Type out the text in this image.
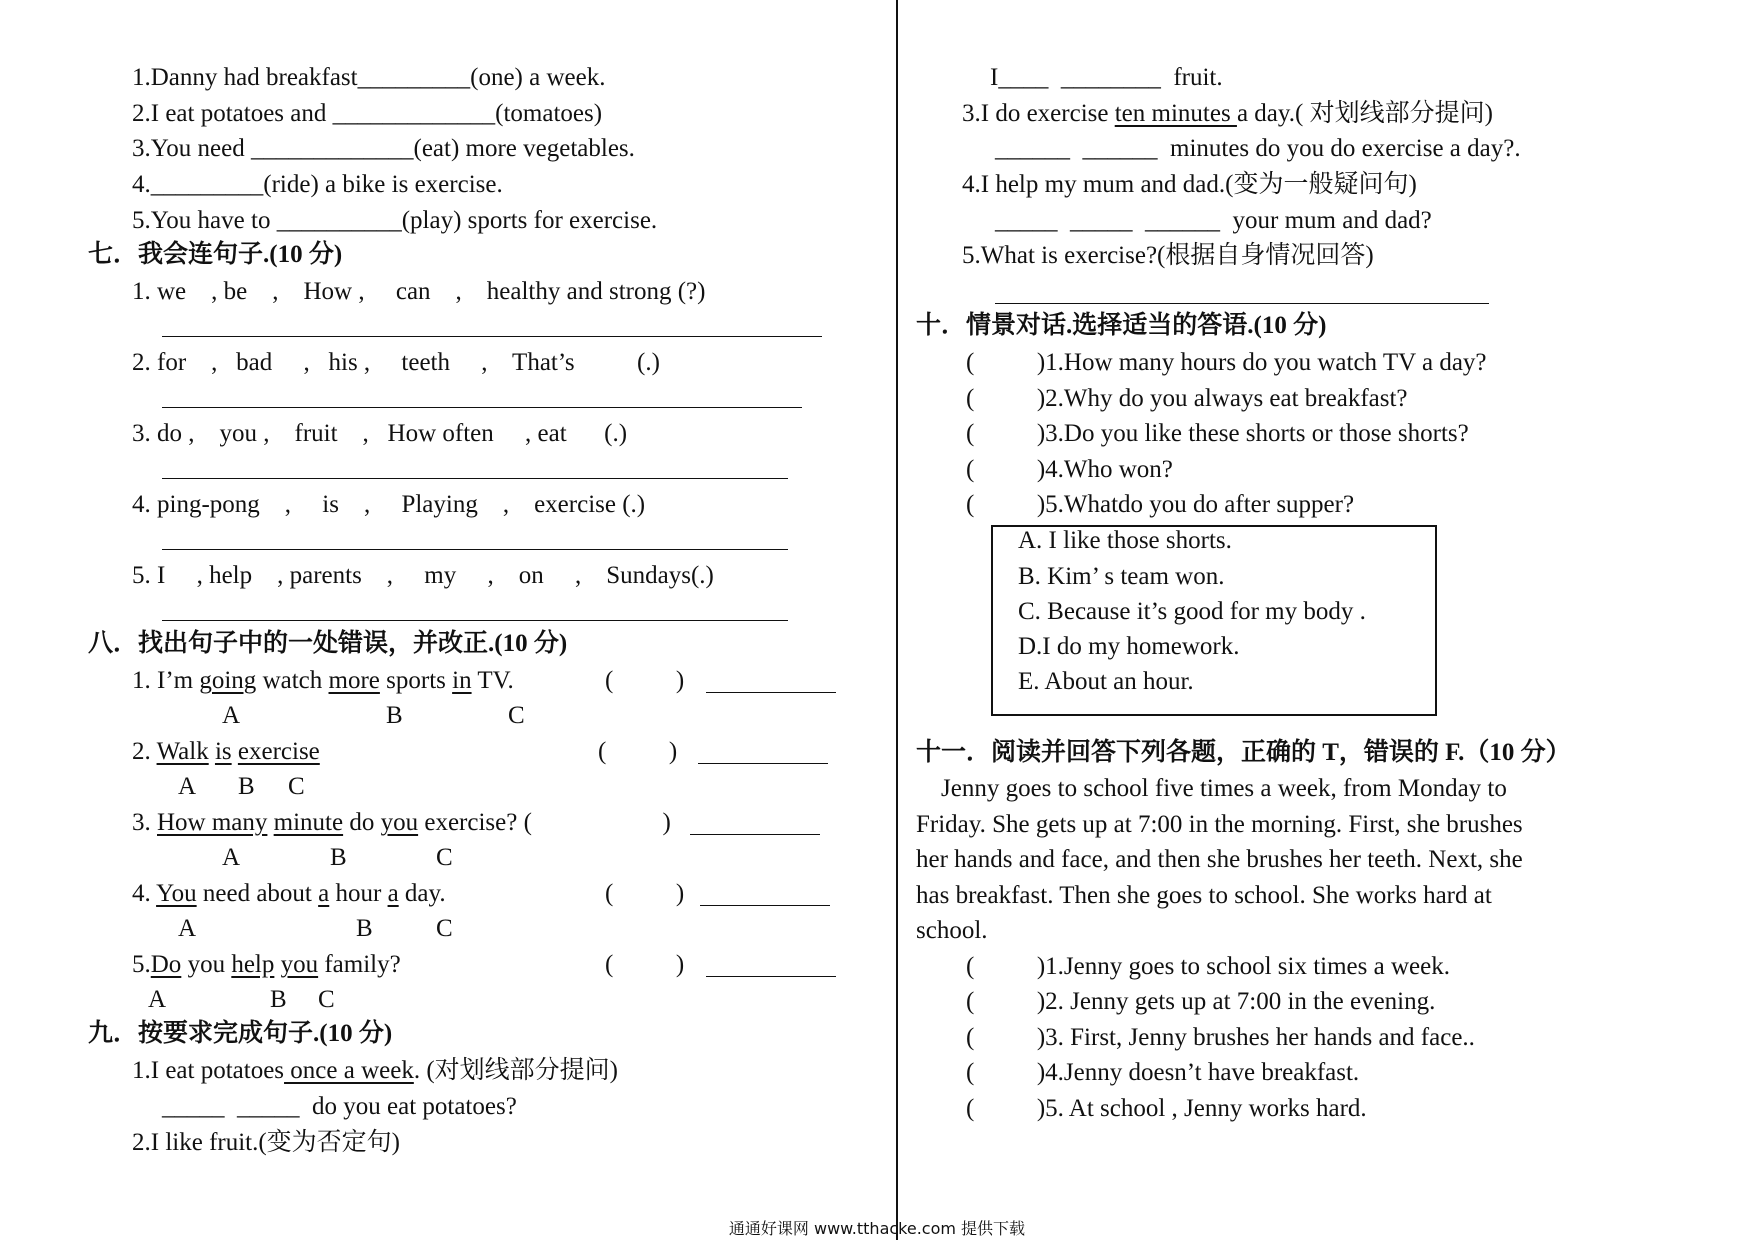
1.Danny had breakfast_________(one) a week.
2.I eat potatoes and _____________(tomatoes)
3.You need _____________(eat) more vegetables.
4._________(ride) a bike is exercise.
5.You have to __________(play) sports for exercise.
七．我会连句子.(10 分)
1. we    , be    ,    How ,     can    ,    healthy and strong (?)
2. for    ,   bad     ,   his ,     teeth     ,    That’s          (.)
3. do ,    you ,    fruit    ,   How often     , eat      (.)
4. ping-pong    ,     is    ,     Playing    ,    exercise (.)
5. I     , help    , parents    ,     my     ,    on     ,    Sundays(.)
八．找出句子中的一处错误，并改正.(10 分)
1. I’m going watch more sports in TV.	(          )
A	B	C
2. Walk is exercise	(          )
A B C
3. How many minute do you exercise? (	)
A	B	C
4. You need about a hour a day.	(          )
A	B	C
5.Do you help you family?	(          )
A	B C
九．按要求完成句子.(10 分)
1.I eat potatoes once a week. (对划线部分提问)
_____  _____  do you eat potatoes?
2.I like fruit.(变为否定句)
I____  ________  fruit.
3.I do exercise ten minutes a day.( 对划线部分提问)
______  ______  minutes do you do exercise a day?.
4.I help my mum and dad.(变为一般疑问句)
_____  _____  ______  your mum and dad?
5.What is exercise?(根据自身情况回答)
十．情景对话.选择适当的答语.(10 分)
(          )1.How many hours do you watch TV a day?
(          )2.Why do you always eat breakfast?
(          )3.Do you like these shorts or those shorts?
(          )4.Who won?
(          )5.Whatdo you do after supper?
A. I like those shorts.
B. Kim’ s team won.
C. Because it’s good for my body .
D.I do my homework.
E. About an hour.
十一．阅读并回答下列各题，正确的 T，错误的 F.（10 分）
Jenny goes to school five times a week, from Monday to
Friday. She gets up at 7:00 in the morning. First, she brushes
her hands and face, and then she brushes her teeth. Next, she
has breakfast. Then she goes to school. She works hard at
school.
(          )1.Jenny goes to school six times a week.
(          )2. Jenny gets up at 7:00 in the evening.
(          )3. First, Jenny brushes her hands and face..
(          )4.Jenny doesn’t have breakfast.
(          )5. At school , Jenny works hard.
通通好课网 www.tthacke.com 提供下载
